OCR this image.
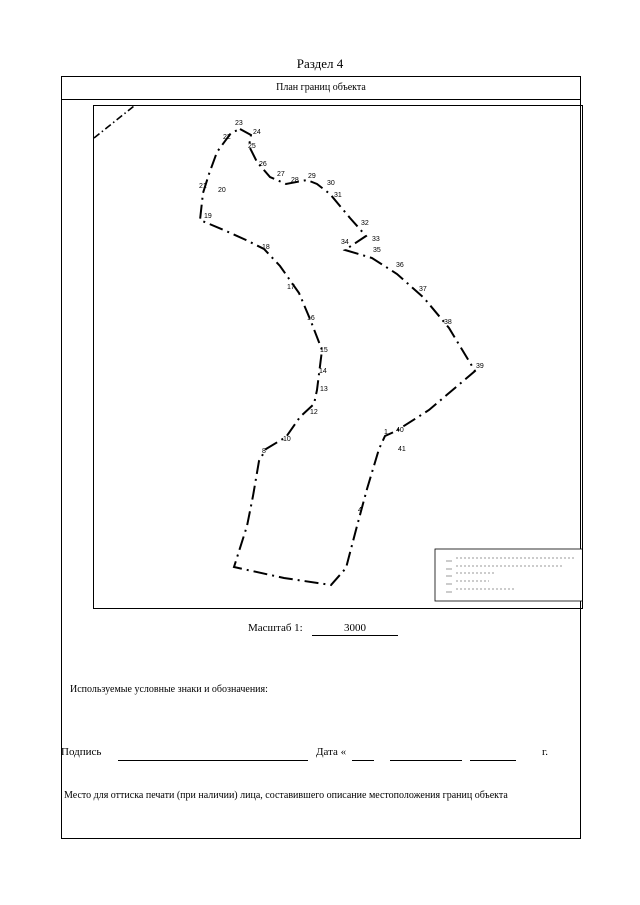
Раздел 4
План границ объекта
23
24
25
26
27
28
29
30
31
32
33
34
35
36
37
38
39
40
41
1
4
8
10
12
13
14
15
16
17
18
19
20
21
22
Масштаб 1:	3000
Используемые условные знаки и обозначения:
Подпись	Дата «	г.
Место для оттиска печати (при наличии) лица, составившего описание местоположения границ объекта
